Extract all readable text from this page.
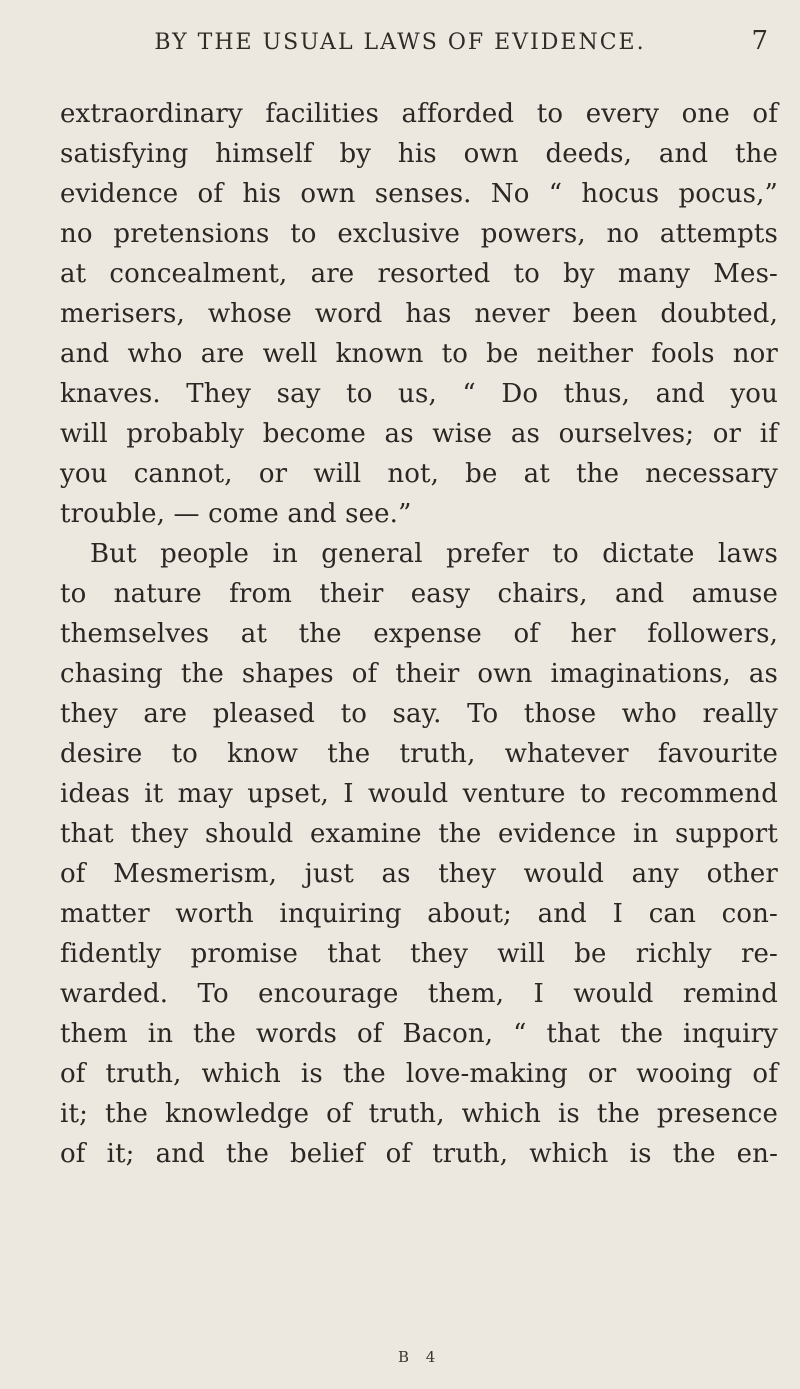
BY THE USUAL LAWS OF EVIDENCE.	7
extraordinary facilities afforded to every one of
satisfying himself by his own deeds, and the
evidence of his own senses. No “ hocus pocus,”
no pretensions to exclusive powers, no attempts
at concealment, are resorted to by many Mes-
merisers, whose word has never been doubted,
and who are well known to be neither fools nor
knaves. They say to us, “ Do thus, and you
will probably become as wise as ourselves; or if
you cannot, or will not, be at the necessary
trouble, — come and see.”
But people in general prefer to dictate laws
to nature from their easy chairs, and amuse
themselves at the expense of her followers,
chasing the shapes of their own imaginations, as
they are pleased to say. To those who really
desire to know the truth, whatever favourite
ideas it may upset, I would venture to recommend
that they should examine the evidence in support
of Mesmerism, just as they would any other
matter worth inquiring about; and I can con-
fidently promise that they will be richly re-
warded. To encourage them, I would remind
them in the words of Bacon, “ that the inquiry
of truth, which is the love-making or wooing of
it; the knowledge of truth, which is the presence
of it; and the belief of truth, which is the en-
B 4
